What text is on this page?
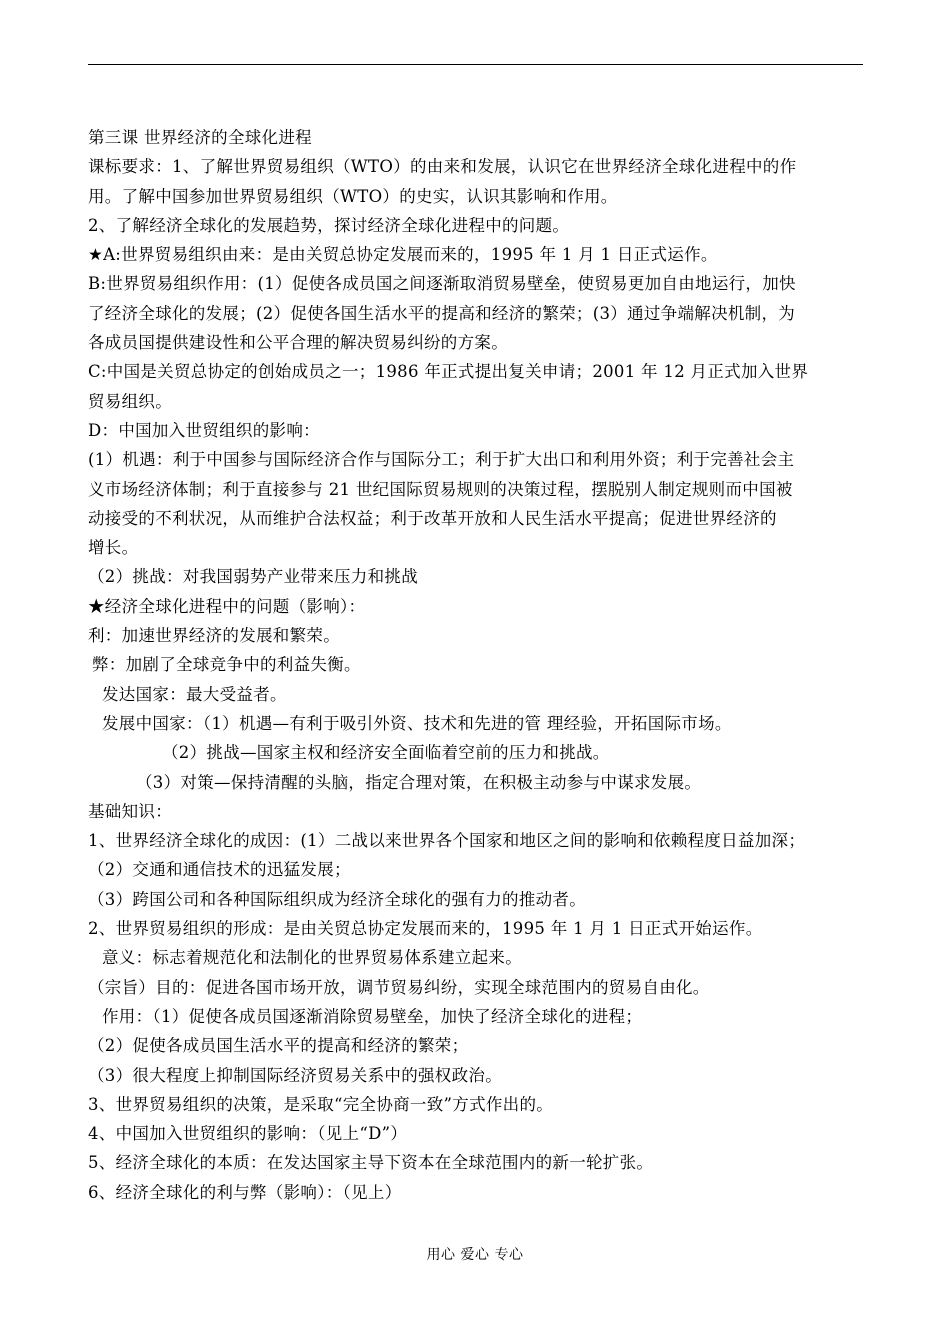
第三课 世界经济的全球化进程
课标要求：1、了解世界贸易组织（WTO）的由来和发展，认识它在世界经济全球化进程中的作
用。了解中国参加世界贸易组织（WTO）的史实，认识其影响和作用。
2、了解经济全球化的发展趋势，探讨经济全球化进程中的问题。
★A:世界贸易组织由来：是由关贸总协定发展而来的，1995 年 1 月 1 日正式运作。
B:世界贸易组织作用：(1）促使各成员国之间逐渐取消贸易壁垒，使贸易更加自由地运行，加快
了经济全球化的发展；(2）促使各国生活水平的提高和经济的繁荣；(3）通过争端解决机制，为
各成员国提供建设性和公平合理的解决贸易纠纷的方案。
C:中国是关贸总协定的创始成员之一；1986 年正式提出复关申请；2001 年 12 月正式加入世界
贸易组织。
D：中国加入世贸组织的影响：
(1）机遇：利于中国参与国际经济合作与国际分工；利于扩大出口和利用外资；利于完善社会主
义市场经济体制；利于直接参与 21 世纪国际贸易规则的决策过程，摆脱别人制定规则而中国被
动接受的不利状况，从而维护合法权益；利于改革开放和人民生活水平提高；促进世界经济的
增长。
（2）挑战：对我国弱势产业带来压力和挑战
★经济全球化进程中的问题（影响）：
利：加速世界经济的发展和繁荣。
弊：加剧了全球竞争中的利益失衡。
发达国家：最大受益者。
发展中国家：（1）机遇—有利于吸引外资、技术和先进的管 理经验，开拓国际市场。
（2）挑战—国家主权和经济安全面临着空前的压力和挑战。
（3）对策—保持清醒的头脑，指定合理对策，在积极主动参与中谋求发展。
基础知识：
1、世界经济全球化的成因：(1）二战以来世界各个国家和地区之间的影响和依赖程度日益加深；
（2）交通和通信技术的迅猛发展；
（3）跨国公司和各种国际组织成为经济全球化的强有力的推动者。
2、世界贸易组织的形成：是由关贸总协定发展而来的，1995 年 1 月 1 日正式开始运作。
意义：标志着规范化和法制化的世界贸易体系建立起来。
（宗旨）目的：促进各国市场开放，调节贸易纠纷，实现全球范围内的贸易自由化。
作用：（1）促使各成员国逐渐消除贸易壁垒，加快了经济全球化的进程；
（2）促使各成员国生活水平的提高和经济的繁荣；
（3）很大程度上抑制国际经济贸易关系中的强权政治。
3、世界贸易组织的决策，是采取“完全协商一致”方式作出的。
4、中国加入世贸组织的影响：（见上“D”）
5、经济全球化的本质：在发达国家主导下资本在全球范围内的新一轮扩张。
6、经济全球化的利与弊（影响）：（见上）
用心 爱心 专心
